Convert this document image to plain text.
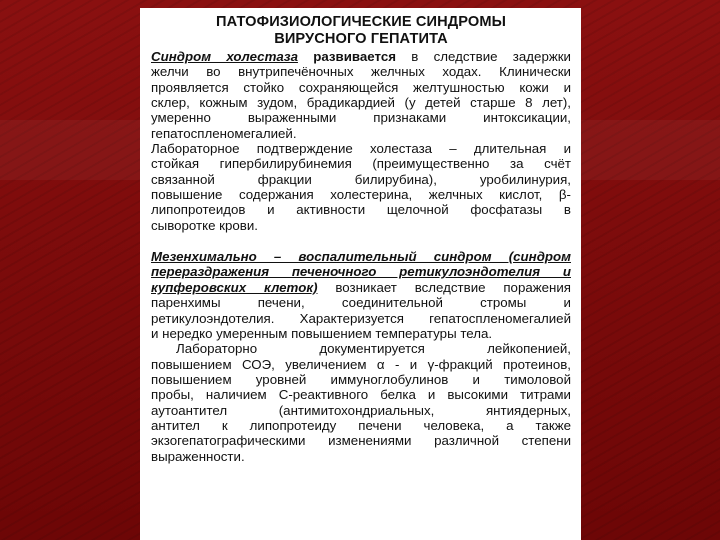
ПАТОФИЗИОЛОГИЧЕСКИЕ СИНДРОМЫ
ВИРУСНОГО ГЕПАТИТА
Синдром холестаза развивается в следствие задержки
желчи во внутрипечёночных желчных ходах. Клинически
проявляется стойко сохраняющейся желтушностью кожи и
склер, кожным зудом, брадикардией (у детей старше 8 лет),
умеренно выраженными признаками интоксикации,
гепатоспленомегалией.
Лабораторное подтверждение холестаза – длительная и
стойкая гипербилирубинемия (преимущественно за счёт
связанной фракции билирубина), уробилинурия,
повышение содержания холестерина, желчных кислот, β-
липопротеидов и активности щелочной фосфатазы в
сыворотке крови.
Мезенхимально – воспалительный синдром (синдром
перераздражения печеночного ретикулоэндотелия и
купферовских клеток) возникает вследствие поражения
паренхимы печени, соединительной стромы и
ретикулоэндотелия. Характеризуется гепатоспленомегалией
и нередко умеренным повышением температуры тела.
Лабораторно документируется лейкопенией,
повышением СОЭ, увеличением α - и γ-фракций протеинов,
повышением уровней иммуноглобулинов и тимоловой
пробы, наличием С-реактивного белка и высокими титрами
аутоантител (антимитохондриальных, янтиядерных,
антител к липопротеиду печени человека, а также
экзогепатографическими изменениями различной степени
выраженности.
